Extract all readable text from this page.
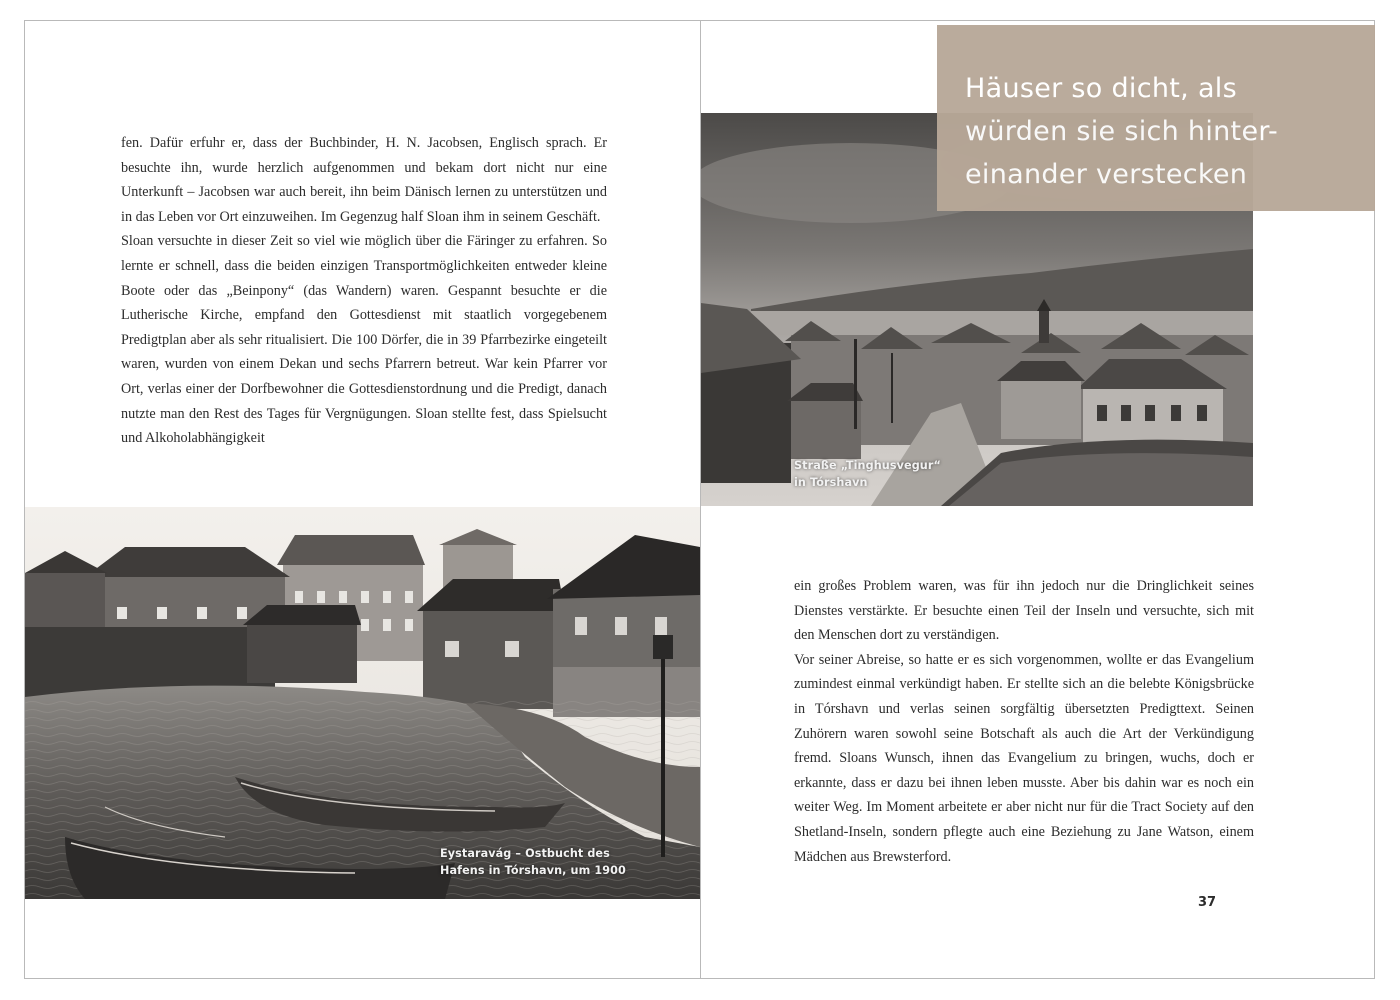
fen. Dafür erfuhr er, dass der Buchbinder, H. N. Jacobsen, Englisch sprach. Er besuchte ihn, wurde herzlich aufgenommen und bekam dort nicht nur eine Unterkunft – Jacobsen war auch bereit, ihn beim Dänisch lernen zu unterstützen und in das Leben vor Ort einzuweihen. Im Gegenzug half Sloan ihm in seinem Geschäft.

Sloan versuchte in dieser Zeit so viel wie möglich über die Färinger zu erfahren. So lernte er schnell, dass die beiden einzigen Transportmöglichkeiten entweder kleine Boote oder das „Beinpony“ (das Wandern) waren. Gespannt besuchte er die Lutherische Kirche, empfand den Gottesdienst mit staatlich vorgegebenem Predigtplan aber als sehr ritualisiert. Die 100 Dörfer, die in 39 Pfarrbezirke eingeteilt waren, wurden von einem Dekan und sechs Pfarrern betreut. War kein Pfarrer vor Ort, verlas einer der Dorfbewohner die Gottesdienstordnung und die Predigt, danach nutzte man den Rest des Tages für Vergnügungen. Sloan stellte fest, dass Spielsucht und Alkoholabhängigkeit

Eystaravág – Ostbucht des
Hafens in Tórshavn, um 1900
Straße „Tinghusvegur“
in Tórshavn
Häuser so dicht, als
würden sie sich hinter-
einander verstecken

ein großes Problem waren, was für ihn jedoch nur die Dringlichkeit seines Dienstes verstärkte. Er besuchte einen Teil der Inseln und versuchte, sich mit den Menschen dort zu verständigen.

Vor seiner Abreise, so hatte er es sich vorgenommen, wollte er das Evangelium zumindest einmal verkündigt haben. Er stellte sich an die belebte Königsbrücke in Tórshavn und verlas seinen sorgfältig übersetzten Predigttext. Seinen Zuhörern waren sowohl seine Botschaft als auch die Art der Verkündigung fremd. Sloans Wunsch, ihnen das Evangelium zu bringen, wuchs, doch er erkannte, dass er dazu bei ihnen leben musste. Aber bis dahin war es noch ein weiter Weg. Im Moment arbeitete er aber nicht nur für die Tract Society auf den Shetland-Inseln, sondern pflegte auch eine Beziehung zu Jane Watson, einem Mädchen aus Brewsterford.

37
